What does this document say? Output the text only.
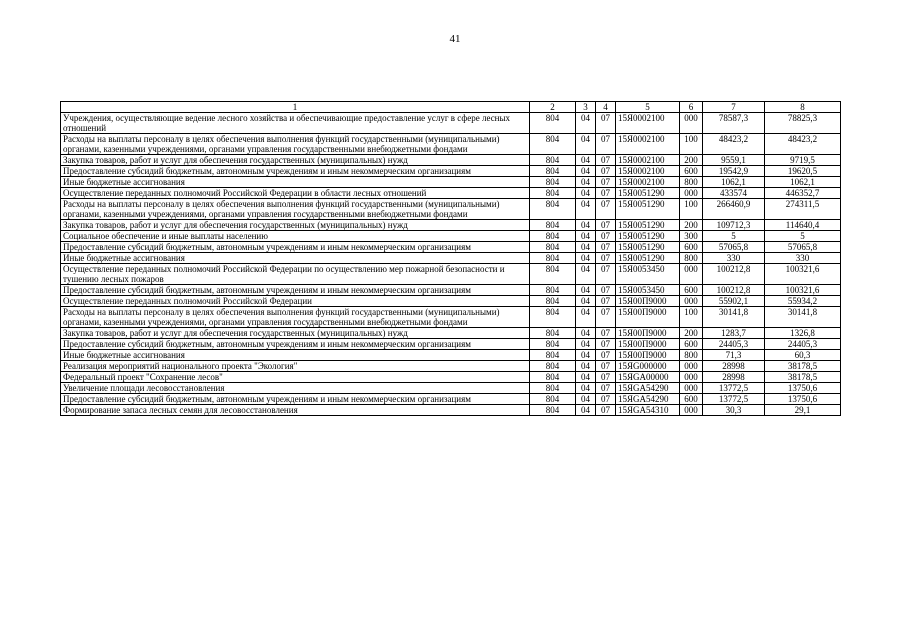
41
1	2	3	4	5	6	7	8
Учреждения, осуществляющие ведение лесного хозяйства и обеспечивающие предоставление услуг в сфере лесных отношений	804	04	07	15Я0002100	000	78587,3	78825,3
Расходы на выплаты персоналу в целях обеспечения выполнения функций государственными (муниципальными) органами, казенными учреждениями, органами управления государственными внебюджетными фондами	804	04	07	15Я0002100	100	48423,2	48423,2
Закупка товаров, работ и услуг для обеспечения государственных (муниципальных) нужд	804	04	07	15Я0002100	200	9559,1	9719,5
Предоставление субсидий бюджетным, автономным учреждениям и иным некоммерческим организациям	804	04	07	15Я0002100	600	19542,9	19620,5
Иные бюджетные ассигнования	804	04	07	15Я0002100	800	1062,1	1062,1
Осуществление переданных полномочий Российской Федерации в области лесных отношений	804	04	07	15Я0051290	000	433574	446352,7
Расходы на выплаты персоналу в целях обеспечения выполнения функций государственными (муниципальными) органами, казенными учреждениями, органами управления государственными внебюджетными фондами	804	04	07	15Я0051290	100	266460,9	274311,5
Закупка товаров, работ и услуг для обеспечения государственных (муниципальных) нужд	804	04	07	15Я0051290	200	109712,3	114640,4
Социальное обеспечение и иные выплаты населению	804	04	07	15Я0051290	300	5	5
Предоставление субсидий бюджетным, автономным учреждениям и иным некоммерческим организациям	804	04	07	15Я0051290	600	57065,8	57065,8
Иные бюджетные ассигнования	804	04	07	15Я0051290	800	330	330
Осуществление переданных полномочий Российской Федерации по осуществлению мер пожарной безопасности и тушению лесных пожаров	804	04	07	15Я0053450	000	100212,8	100321,6
Предоставление субсидий бюджетным, автономным учреждениям и иным некоммерческим организациям	804	04	07	15Я0053450	600	100212,8	100321,6
Осуществление переданных полномочий Российской Федерации	804	04	07	15Я00П9000	000	55902,1	55934,2
Расходы на выплаты персоналу в целях обеспечения выполнения функций государственными (муниципальными) органами, казенными учреждениями, органами управления государственными внебюджетными фондами	804	04	07	15Я00П9000	100	30141,8	30141,8
Закупка товаров, работ и услуг для обеспечения государственных (муниципальных) нужд	804	04	07	15Я00П9000	200	1283,7	1326,8
Предоставление субсидий бюджетным, автономным учреждениям и иным некоммерческим организациям	804	04	07	15Я00П9000	600	24405,3	24405,3
Иные бюджетные ассигнования	804	04	07	15Я00П9000	800	71,3	60,3
Реализация мероприятий национального проекта "Экология"	804	04	07	15ЯG000000	000	28998	38178,5
Федеральный проект "Сохранение лесов"	804	04	07	15ЯGA00000	000	28998	38178,5
Увеличение площади лесовосстановления	804	04	07	15ЯGA54290	000	13772,5	13750,6
Предоставление субсидий бюджетным, автономным учреждениям и иным некоммерческим организациям	804	04	07	15ЯGA54290	600	13772,5	13750,6
Формирование запаса лесных семян для лесовосстановления	804	04	07	15ЯGA54310	000	30,3	29,1
